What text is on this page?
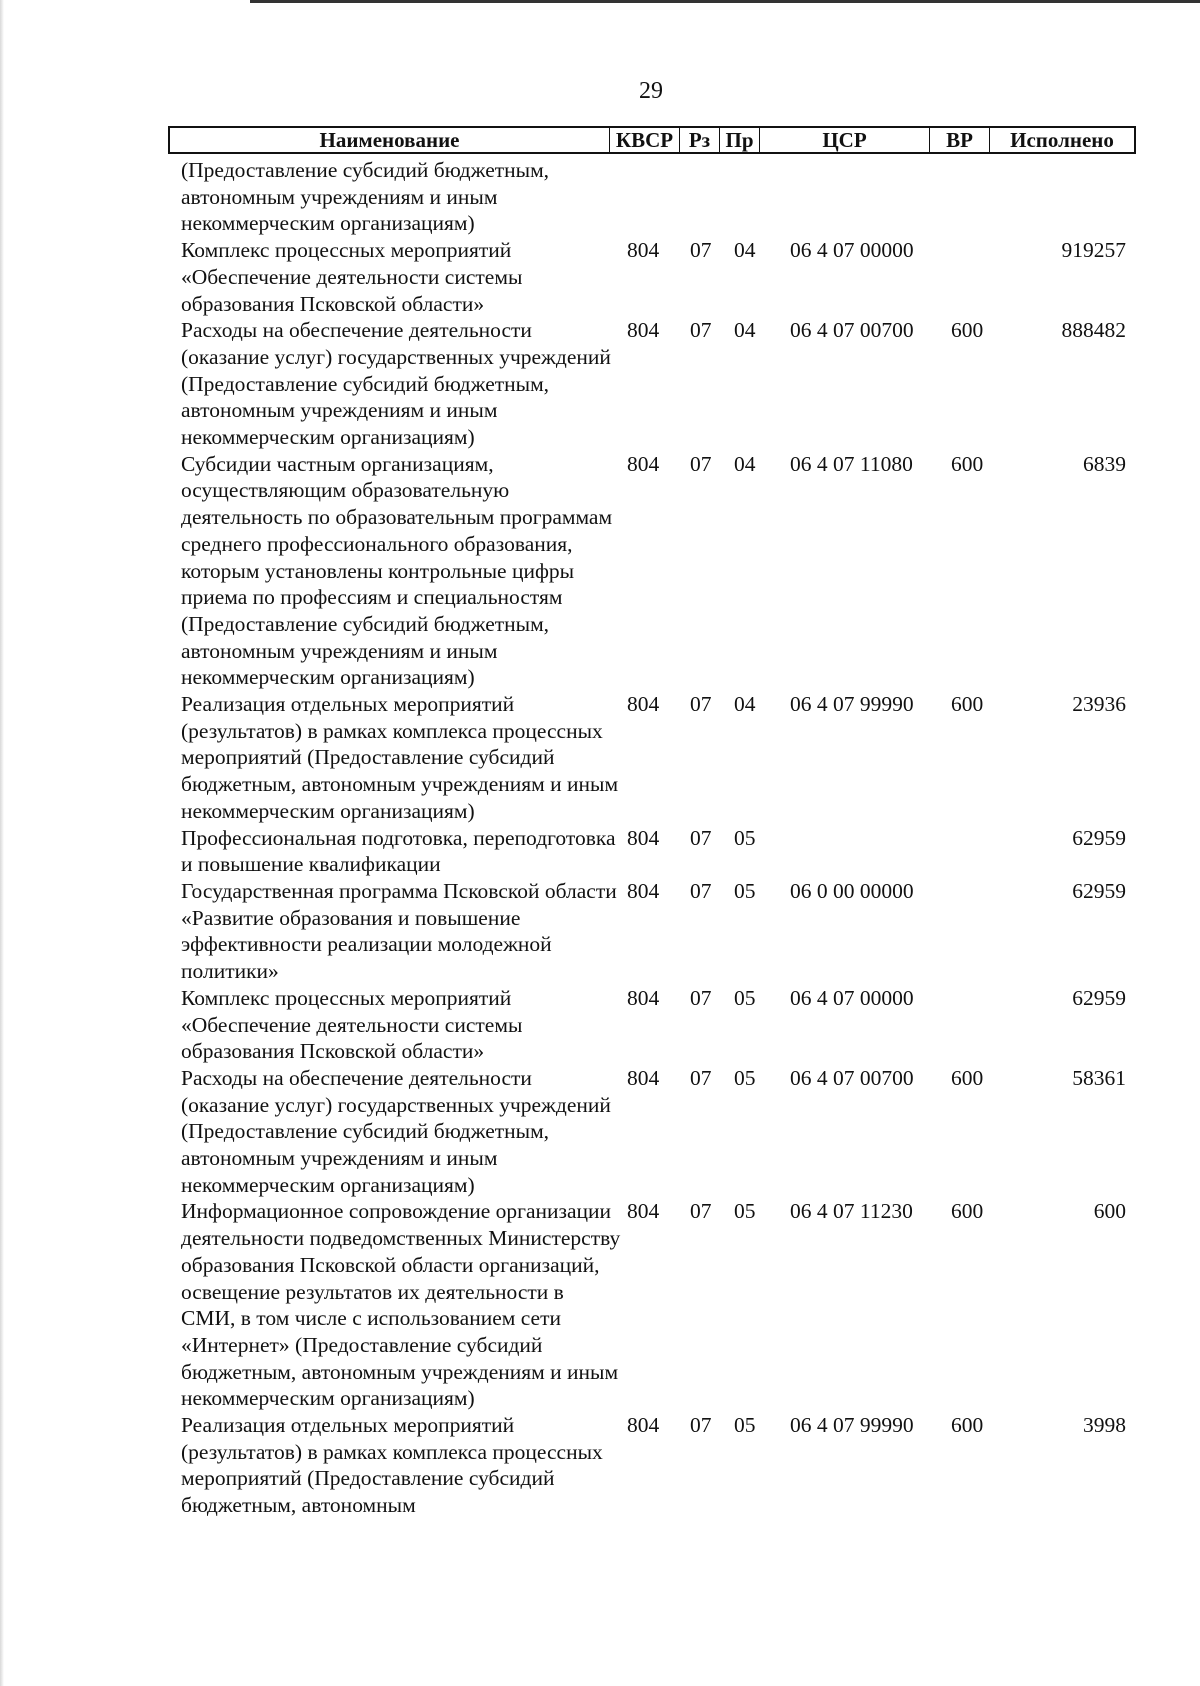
29
Наименование	КВСР Рз Пр	ЦСР	ВР	Исполнено
(Предоставление субсидий бюджетным, автономным учреждениям и иным некоммерческим организациям)
Комплекс процессных мероприятий «Обеспечение деятельности системы образования Псковской области»
804 07 04 06 4 07 00000	919257
Расходы на обеспечение деятельности (оказание услуг) государственных учреждений (Предоставление субсидий бюджетным, автономным учреждениям и иным некоммерческим организациям)
804 07 04 06 4 07 00700 600	888482
Субсидии частным организациям, осуществляющим образовательную деятельность по образовательным программам среднего профессионального образования, которым установлены контрольные цифры приема по профессиям и специальностям (Предоставление субсидий бюджетным, автономным учреждениям и иным некоммерческим организациям)
804 07 04 06 4 07 11080 600	6839
Реализация отдельных мероприятий (результатов) в рамках комплекса процессных мероприятий (Предоставление субсидий бюджетным, автономным учреждениям и иным некоммерческим организациям)
804 07 04 06 4 07 99990 600	23936
Профессиональная подготовка, переподготовка и повышение квалификации
804 07 05	62959
Государственная программа Псковской области «Развитие образования и повышение эффективности реализации молодежной политики»
804 07 05 06 0 00 00000	62959
Комплекс процессных мероприятий «Обеспечение деятельности системы образования Псковской области»
804 07 05 06 4 07 00000	62959
Расходы на обеспечение деятельности (оказание услуг) государственных учреждений (Предоставление субсидий бюджетным, автономным учреждениям и иным некоммерческим организациям)
804 07 05 06 4 07 00700 600	58361
Информационное сопровождение организации деятельности подведомственных Министерству образования Псковской области организаций, освещение результатов их деятельности в СМИ, в том числе с использованием сети «Интернет» (Предоставление субсидий бюджетным, автономным учреждениям и иным некоммерческим организациям)
804 07 05 06 4 07 11230 600	600
Реализация отдельных мероприятий (результатов) в рамках комплекса процессных мероприятий (Предоставление субсидий бюджетным, автономным
804 07 05 06 4 07 99990 600	3998
